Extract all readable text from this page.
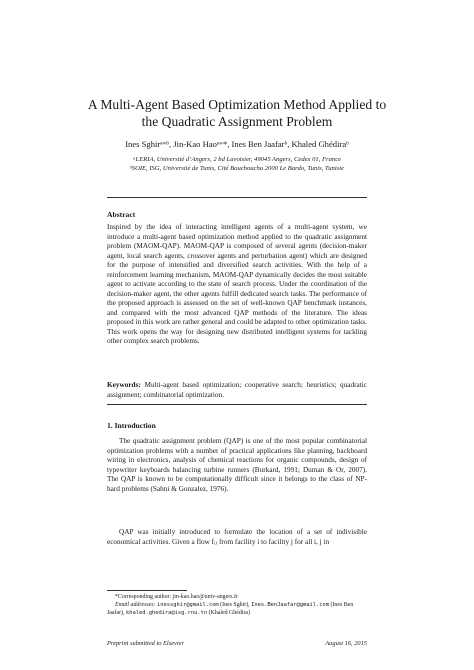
A Multi-Agent Based Optimization Method Applied to
the Quadratic Assignment Problem
Ines Sghirᵃʷᵇ, Jin-Kao Haoᵃʷ*, Ines Ben Jaafarᵇ, Khaled Ghédiraᵇ
ᵃLERIA, Université d’Angers, 2 bd Lavoisier, 49045 Angers, Cedex 01, France
ᵇSOIE, ISG, Université de Tunis, Cité Bouchoucha 2000 Le Bardo, Tunis, Tunisie
Abstract
Inspired by the idea of interacting intelligent agents of a multi-agent system, we introduce a multi-agent based optimization method applied to the quadratic assignment problem (MAOM-QAP). MAOM-QAP is composed of several agents (decision-maker agent, local search agents, crossover agents and perturbation agent) which are designed for the purpose of intensified and diversified search activities. With the help of a reinforcement learning mechanism, MAOM-QAP dynamically decides the most suitable agent to activate according to the state of search process. Under the coordination of the decision-maker agent, the other agents fulfill dedicated search tasks. The performance of the proposed approach is assessed on the set of well-known QAP benchmark instances, and compared with the most advanced QAP methods of the literature. The ideas proposed in this work are rather general and could be adapted to other optimization tasks. This work opens the way for designing new distributed intelligent systems for tackling other complex search problems.
Keywords: Multi-agent based optimization; cooperative search; heuristics; quadratic assignment; combinatorial optimization.
1. Introduction
The quadratic assignment problem (QAP) is one of the most popular combinatorial optimization problems with a number of practical applications like planning, backboard wiring in electronics, analysis of chemical reactions for organic compounds, design of typewriter keyboards balancing turbine runners (Burkard, 1991; Duman & Or, 2007). The QAP is known to be computationally difficult since it belongs to the class of NP-hard problems (Sahni & Gonzalez, 1976).
QAP was initially introduced to formulate the location of a set of indivisible economical activities. Given a flow fᵢⱼ from facility i to facility j for all i, j in
*Corresponding author: jin-kao.hao@univ-angers.fr
Email addresses: inessghir@gmail.com (Ines Sghir), Ines.BenJaafar@gmail.com (Ines Ben Jaafar), khaled.ghedira@isg.rnu.tn (Khaled Ghédira)
Preprint submitted to Elsevier	August 16, 2015
